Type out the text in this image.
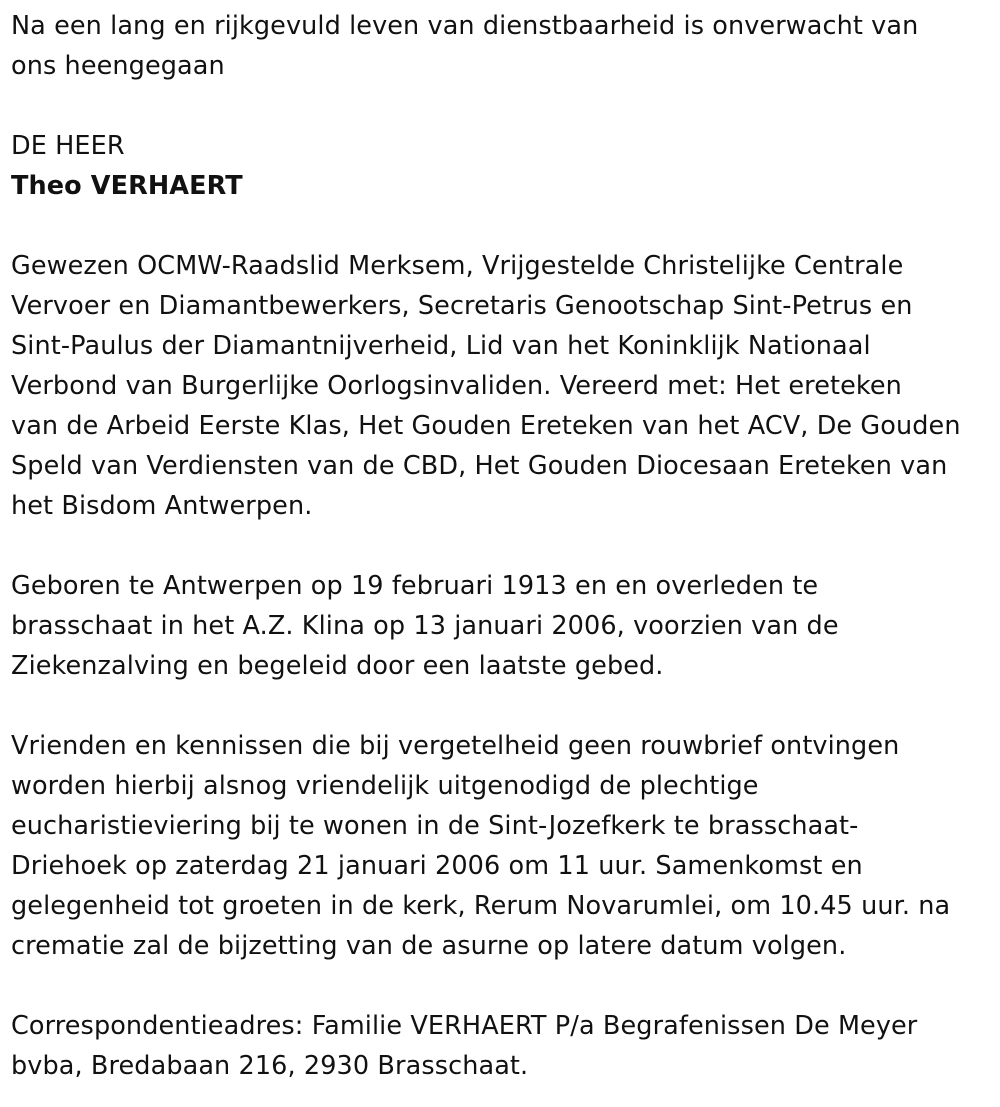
Na een lang en rijkgevuld leven van dienstbaarheid is onverwacht van
ons heengegaan

DE HEER

Theo VERHAERT

Gewezen OCMW-Raadslid Merksem, Vrijgestelde Christelijke Centrale
Vervoer en Diamantbewerkers, Secretaris Genootschap Sint-Petrus en
Sint-Paulus der Diamantnijverheid, Lid van het Koninklijk Nationaal
Verbond van Burgerlijke Oorlogsinvaliden. Vereerd met: Het ereteken
van de Arbeid Eerste Klas, Het Gouden Ereteken van het ACV, De Gouden
Speld van Verdiensten van de CBD, Het Gouden Diocesaan Ereteken van
het Bisdom Antwerpen.

Geboren te Antwerpen op 19 februari 1913 en en overleden te
brasschaat in het A.Z. Klina op 13 januari 2006, voorzien van de
Ziekenzalving en begeleid door een laatste gebed.

Vrienden en kennissen die bij vergetelheid geen rouwbrief ontvingen
worden hierbij alsnog vriendelijk uitgenodigd de plechtige
eucharistieviering bij te wonen in de Sint-Jozefkerk te brasschaat-
Driehoek op zaterdag 21 januari 2006 om 11 uur. Samenkomst en
gelegenheid tot groeten in de kerk, Rerum Novarumlei, om 10.45 uur. na
crematie zal de bijzetting van de asurne op latere datum volgen.

Correspondentieadres: Familie VERHAERT P/a Begrafenissen De Meyer
bvba, Bredabaan 216, 2930 Brasschaat.
